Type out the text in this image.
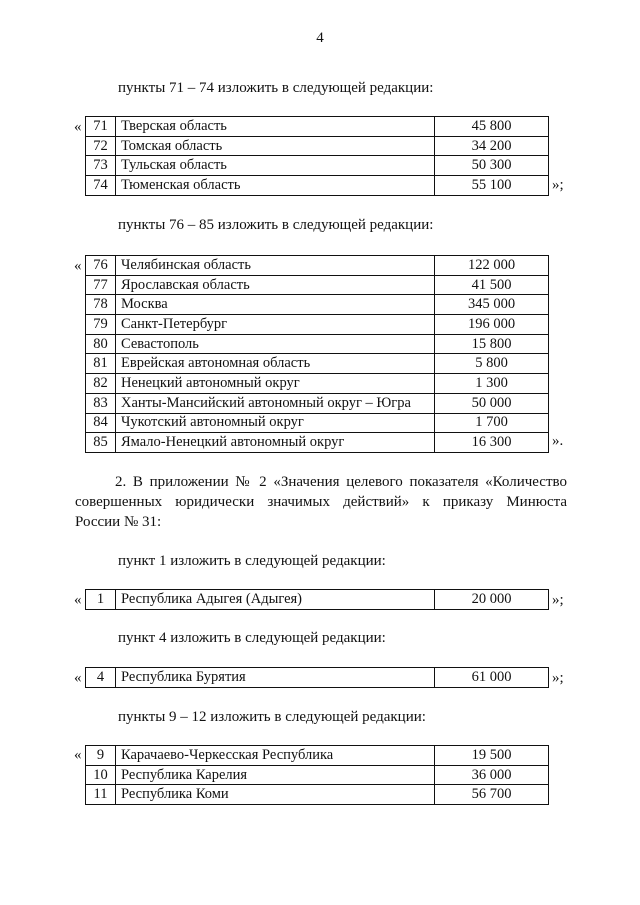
4
пункты 71 – 74 изложить в следующей редакции:
« 71	Тверская область	45 800
72	Томская область	34 200
73	Тульская область	50 300
74	Тюменская область	55 100	»;
пункты 76 – 85 изложить в следующей редакции:
« 76	Челябинская область	122 000
77	Ярославская область	41 500
78	Москва	345 000
79	Санкт-Петербург	196 000
80	Севастополь	15 800
81	Еврейская автономная область	5 800
82	Ненецкий автономный округ	1 300
83	Ханты-Мансийский автономный округ – Югра	50 000
84	Чукотский автономный округ	1 700
85	Ямало-Ненецкий автономный округ	16 300	».
2. В приложении № 2 «Значения целевого показателя «Количество
совершенных юридически значимых действий» к приказу Минюста
России № 31:
пункт 1 изложить в следующей редакции:
« 1	Республика Адыгея (Адыгея)	20 000	»;
пункт 4 изложить в следующей редакции:
« 4	Республика Бурятия	61 000	»;
пункты 9 – 12 изложить в следующей редакции:
« 9	Карачаево-Черкесская Республика	19 500
10	Республика Карелия	36 000
11	Республика Коми	56 700
